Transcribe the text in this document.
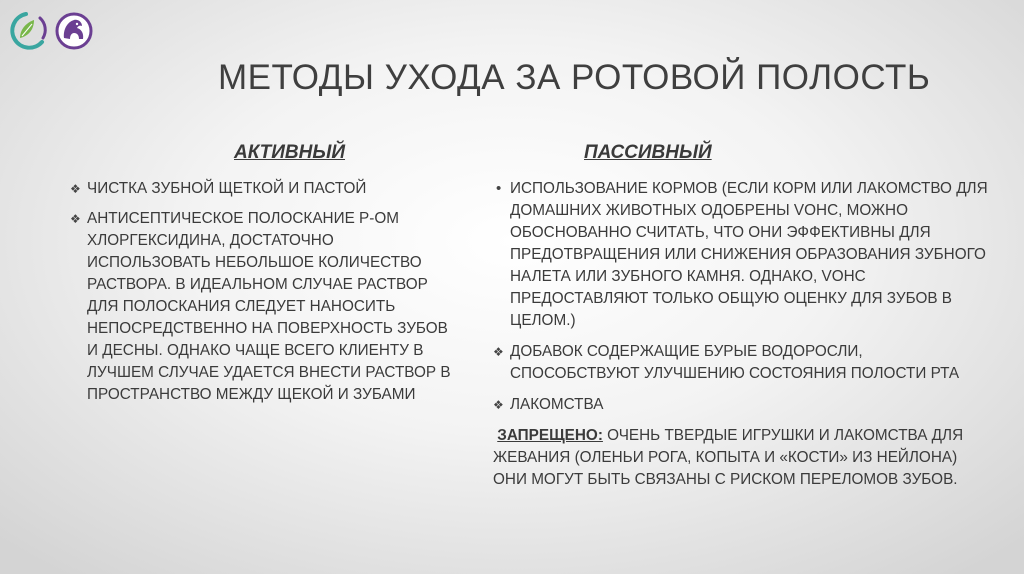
МЕТОДЫ УХОДА ЗА РОТОВОЙ ПОЛОСТЬ
АКТИВНЫЙ	ПАССИВНЫЙ
❖ ЧИСТКА ЗУБНОЙ ЩЕТКОЙ И ПАСТОЙ
❖ АНТИСЕПТИЧЕСКОЕ ПОЛОСКАНИЕ Р-ОМ ХЛОРГЕКСИДИНА, ДОСТАТОЧНО ИСПОЛЬЗОВАТЬ НЕБОЛЬШОЕ КОЛИЧЕСТВО РАСТВОРА. В ИДЕАЛЬНОМ СЛУЧАЕ РАСТВОР ДЛЯ ПОЛОСКАНИЯ СЛЕДУЕТ НАНОСИТЬ НЕПОСРЕДСТВЕННО НА ПОВЕРХНОСТЬ ЗУБОВ И ДЕСНЫ. ОДНАКО ЧАЩЕ ВСЕГО КЛИЕНТУ В ЛУЧШЕМ СЛУЧАЕ УДАЕТСЯ ВНЕСТИ РАСТВОР В ПРОСТРАНСТВО МЕЖДУ ЩЕКОЙ И ЗУБАМИ
• ИСПОЛЬЗОВАНИЕ КОРМОВ (ЕСЛИ КОРМ ИЛИ ЛАКОМСТВО ДЛЯ ДОМАШНИХ ЖИВОТНЫХ ОДОБРЕНЫ VOHC, МОЖНО ОБОСНОВАННО СЧИТАТЬ, ЧТО ОНИ ЭФФЕКТИВНЫ ДЛЯ ПРЕДОТВРАЩЕНИЯ ИЛИ СНИЖЕНИЯ ОБРАЗОВАНИЯ ЗУБНОГО НАЛЕТА ИЛИ ЗУБНОГО КАМНЯ. ОДНАКО, VOHC ПРЕДОСТАВЛЯЮТ ТОЛЬКО ОБЩУЮ ОЦЕНКУ ДЛЯ ЗУБОВ В ЦЕЛОМ.)
❖ ДОБАВОК СОДЕРЖАЩИЕ БУРЫЕ ВОДОРОСЛИ, СПОСОБСТВУЮТ УЛУЧШЕНИЮ СОСТОЯНИЯ ПОЛОСТИ РТА
❖ ЛАКОМСТВА
ЗАПРЕЩЕНО: ОЧЕНЬ ТВЕРДЫЕ ИГРУШКИ И ЛАКОМСТВА ДЛЯ ЖЕВАНИЯ (ОЛЕНЬИ РОГА, КОПЫТА И «КОСТИ» ИЗ НЕЙЛОНА) ОНИ МОГУТ БЫТЬ СВЯЗАНЫ С РИСКОМ ПЕРЕЛОМОВ ЗУБОВ.
